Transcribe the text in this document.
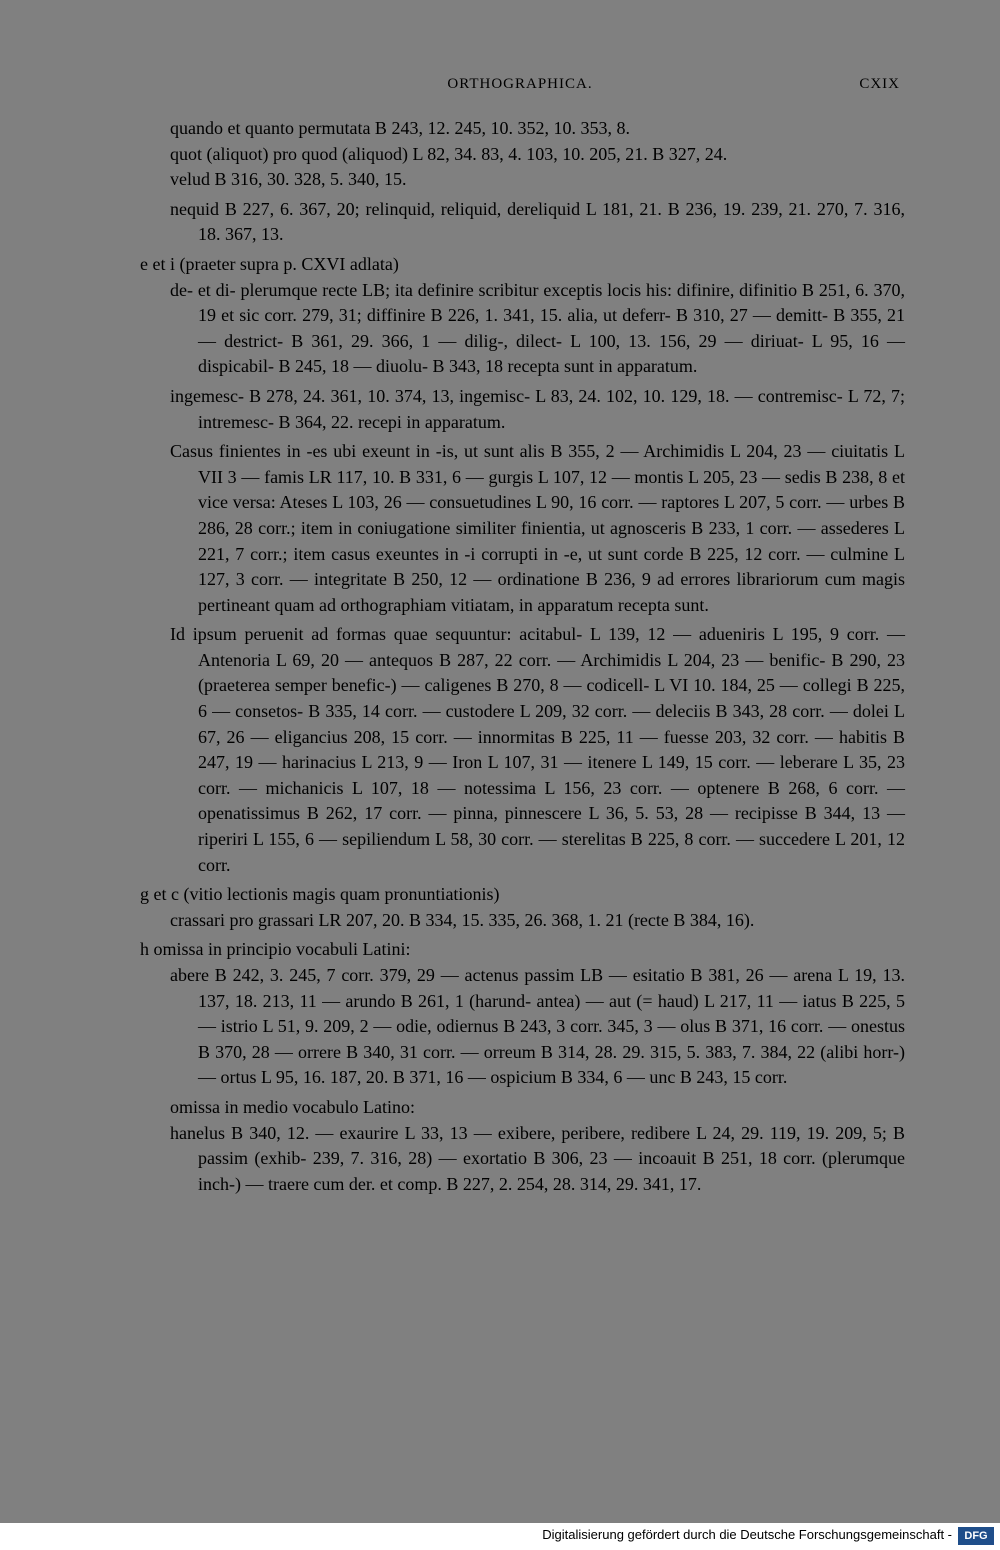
ORTHOGRAPHICA.	CXIX

quando et quanto permutata B 243, 12. 245, 10. 352, 10. 353, 8.

quot (aliquot) pro quod (aliquod) L 82, 34. 83, 4. 103, 10. 205, 21. B 327, 24.

velud B 316, 30. 328, 5. 340, 15.

nequid B 227, 6. 367, 20; relinquid, reliquid, dereliquid L 181, 21. B 236, 19. 239, 21. 270, 7. 316, 18. 367, 13.

e et i (praeter supra p. CXVI adlata)

de- et di- plerumque recte LB; ita definire scribitur exceptis locis his: difinire, difinitio B 251, 6. 370, 19 et sic corr. 279, 31; diffinire B 226, 1. 341, 15. alia, ut deferr- B 310, 27 — demitt- B 355, 21 — destrict- B 361, 29. 366, 1 — dilig-, dilect- L 100, 13. 156, 29 — diriuat- L 95, 16 — dispicabil- B 245, 18 — diuolu- B 343, 18 recepta sunt in apparatum.

ingemesc- B 278, 24. 361, 10. 374, 13, ingemisc- L 83, 24. 102, 10. 129, 18. — contremisc- L 72, 7; intremesc- B 364, 22. recepi in apparatum.

Casus finientes in -es ubi exeunt in -is, ut sunt alis B 355, 2 — Archimidis L 204, 23 — ciuitatis L VII 3 — famis LR 117, 10. B 331, 6 — gurgis L 107, 12 — montis L 205, 23 — sedis B 238, 8 et vice versa: Ateses L 103, 26 — consuetudines L 90, 16 corr. — raptores L 207, 5 corr. — urbes B 286, 28 corr.; item in coniugatione similiter finientia, ut agnosceris B 233, 1 corr. — assederes L 221, 7 corr.; item casus exeuntes in -i corrupti in -e, ut sunt corde B 225, 12 corr. — culmine L 127, 3 corr. — integritate B 250, 12 — ordinatione B 236, 9 ad errores librariorum cum magis pertineant quam ad orthographiam vitiatam, in apparatum recepta sunt.

Id ipsum peruenit ad formas quae sequuntur: acitabul- L 139, 12 — adueniris L 195, 9 corr. — Antenoria L 69, 20 — antequos B 287, 22 corr. — Archimidis L 204, 23 — benific- B 290, 23 (praeterea semper benefic-) — caligenes B 270, 8 — codicell- L VI 10. 184, 25 — collegi B 225, 6 — consetos- B 335, 14 corr. — custodere L 209, 32 corr. — deleciis B 343, 28 corr. — dolei L 67, 26 — eligancius 208, 15 corr. — innormitas B 225, 11 — fuesse 203, 32 corr. — habitis B 247, 19 — harinacius L 213, 9 — Iron L 107, 31 — itenere L 149, 15 corr. — leberare L 35, 23 corr. — michanicis L 107, 18 — notessima L 156, 23 corr. — optenere B 268, 6 corr. — openatissimus B 262, 17 corr. — pinna, pinnescere L 36, 5. 53, 28 — recipisse B 344, 13 — riperiri L 155, 6 — sepiliendum L 58, 30 corr. — sterelitas B 225, 8 corr. — succedere L 201, 12 corr.

g et c (vitio lectionis magis quam pronuntiationis)

crassari pro grassari LR 207, 20. B 334, 15. 335, 26. 368, 1. 21 (recte B 384, 16).

h omissa in principio vocabuli Latini:

abere B 242, 3. 245, 7 corr. 379, 29 — actenus passim LB — esitatio B 381, 26 — arena L 19, 13. 137, 18. 213, 11 — arundo B 261, 1 (harund- antea) — aut (= haud) L 217, 11 — iatus B 225, 5 — istrio L 51, 9. 209, 2 — odie, odiernus B 243, 3 corr. 345, 3 — olus B 371, 16 corr. — onestus B 370, 28 — orrere B 340, 31 corr. — orreum B 314, 28. 29. 315, 5. 383, 7. 384, 22 (alibi horr-) — ortus L 95, 16. 187, 20. B 371, 16 — ospicium B 334, 6 — unc B 243, 15 corr.

omissa in medio vocabulo Latino:

hanelus B 340, 12. — exaurire L 33, 13 — exibere, peribere, redibere L 24, 29. 119, 19. 209, 5; B passim (exhib- 239, 7. 316, 28) — exortatio B 306, 23 — incoauit B 251, 18 corr. (plerumque inch-) — traere cum der. et comp. B 227, 2. 254, 28. 314, 29. 341, 17.

Digitalisierung gefördert durch die Deutsche Forschungsgemeinschaft -	DFG
